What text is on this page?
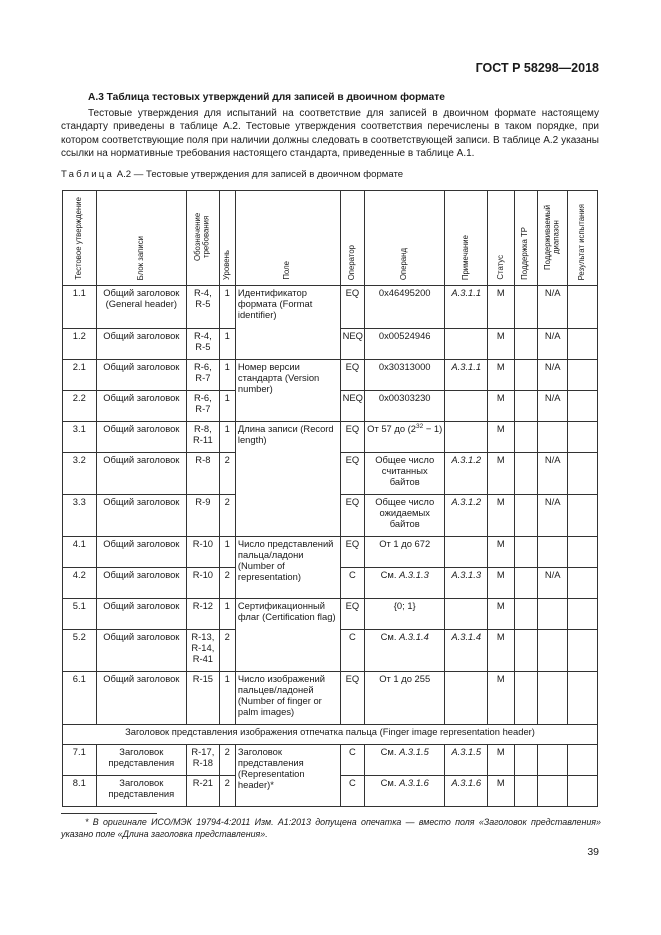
ГОСТ Р 58298—2018
А.3 Таблица тестовых утверждений для записей в двоичном формате

Тестовые утверждения для испытаний на соответствие для записей в двоичном формате настоящему стандарту приведены в таблице А.2. Тестовые утверждения соответствия перечислены в таком порядке, при котором соответствующие поля при наличии должны следовать в соответствующей записи. В таблице А.2 указаны ссылки на нормативные требования настоящего стандарта, приведенные в таблице А.1.

Таблица А.2 — Тестовые утверждения для записей в двоичном формате
Тестовое утверждение	Блок записи	Обозначение требования	Уровень	Поле	Оператор	Операнд	Примечание	Статус	Поддержка ТР	Поддерживаемый диапазон	Результат испытания
1.1	Общий заголовок (General header)	R-4, R-5	1	Идентификатор формата (Format identifier)	EQ	0x46495200	A.3.1.1	M		N/A	
1.2	Общий заголовок	R-4, R-5	1		NEQ	0x00524946		M		N/A	
2.1	Общий заголовок	R-6, R-7	1	Номер версии стандарта (Version number)	EQ	0x30313000	A.3.1.1	M		N/A	
2.2	Общий заголовок	R-6, R-7	1		NEQ	0x00303230		M		N/A	
3.1	Общий заголовок	R-8, R-11	1	Длина записи (Record length)	EQ	От 57 до $(2^{32} - 1)$		M			
3.2	Общий заголовок	R-8	2		EQ	Общее число считанных байтов	A.3.1.2	M		N/A	
3.3	Общий заголовок	R-9	2		EQ	Общее число ожидаемых байтов	A.3.1.2	M		N/A	
4.1	Общий заголовок	R-10	1	Число представлений пальца/ладони (Number of representation)	EQ	От 1 до 672		M			
4.2	Общий заголовок	R-10	2		C	См. A.3.1.3	A.3.1.3	M		N/A	
5.1	Общий заголовок	R-12	1	Сертификационный флаг (Certification flag)	EQ	{0; 1}		M			
5.2	Общий заголовок	R-13, R-14, R-41	2		C	См. A.3.1.4	A.3.1.4	M			
6.1	Общий заголовок	R-15	1	Число изображений пальцев/ладоней (Number of finger or palm images)	EQ	От 1 до 255		M			
Заголовок представления изображения отпечатка пальца (Finger image representation header)											
7.1	Заголовок представления	R-17, R-18	2	Заголовок представления (Representation header)*	C	См. A.3.1.5	A.3.1.5	M			
8.1	Заголовок представления	R-21	2		C	См. A.3.1.6	A.3.1.6	M			

* В оригинале ИСО/МЭК 19794-4:2011 Изм. А1:2013 допущена опечатка — вместо поля «Заголовок представления» указано поле «Длина заголовка представления».

39
